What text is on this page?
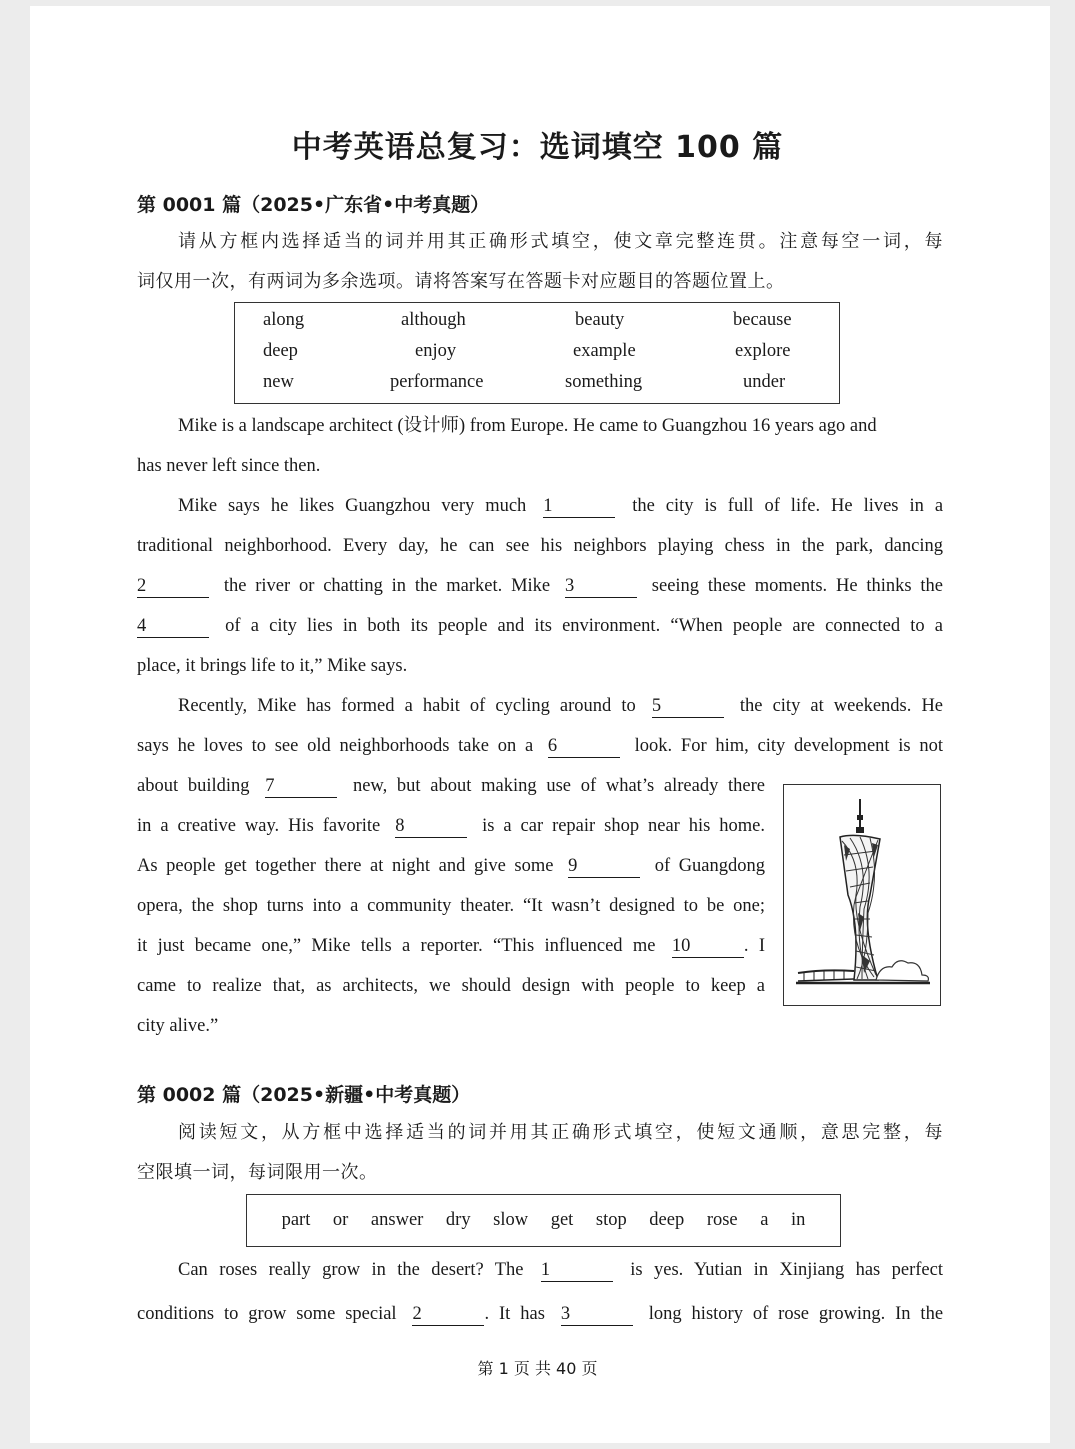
中考英语总复习：选词填空 100 篇
第 0001 篇（2025•广东省•中考真题）
请从方框内选择适当的词并用其正确形式填空，使文章完整连贯。注意每空一词，每
词仅用一次，有两词为多余选项。请将答案写在答题卡对应题目的答题位置上。
along	although	beauty	because
deep	enjoy	example	explore
new	performance	something	under
Mike is a landscape architect (设计师) from Europe. He came to Guangzhou 16 years ago and
has never left since then.
Mike says he likes Guangzhou very much 1	the city is full of life. He lives in a
traditional neighborhood. Every day, he can see his neighbors playing chess in the park, dancing
2	the river or chatting in the market. Mike 3	seeing these moments. He thinks the
4	of a city lies in both its people and its environment. “When people are connected to a
place, it brings life to it,” Mike says.
Recently, Mike has formed a habit of cycling around to 5	the city at weekends. He
says he loves to see old neighborhoods take on a 6	look. For him, city development is not
about building 7	new, but about making use of what’s already there
in a creative way. His favorite 8	is a car repair shop near his home.
As people get together there at night and give some 9	of Guangdong
opera, the shop turns into a community theater. “It wasn’t designed to be one;
it just became one,” Mike tells a reporter. “This influenced me 10	. I
came to realize that, as architects, we should design with people to keep a
city alive.”
第 0002 篇（2025•新疆•中考真题）
阅读短文，从方框中选择适当的词并用其正确形式填空，使短文通顺，意思完整，每
空限填一词，每词限用一次。
part or answer dry slow get stop deep rose a in
Can roses really grow in the desert? The 1	is yes. Yutian in Xinjiang has perfect
conditions to grow some special 2	. It has 3	long history of rose growing. In the
第 1 页 共 40 页
